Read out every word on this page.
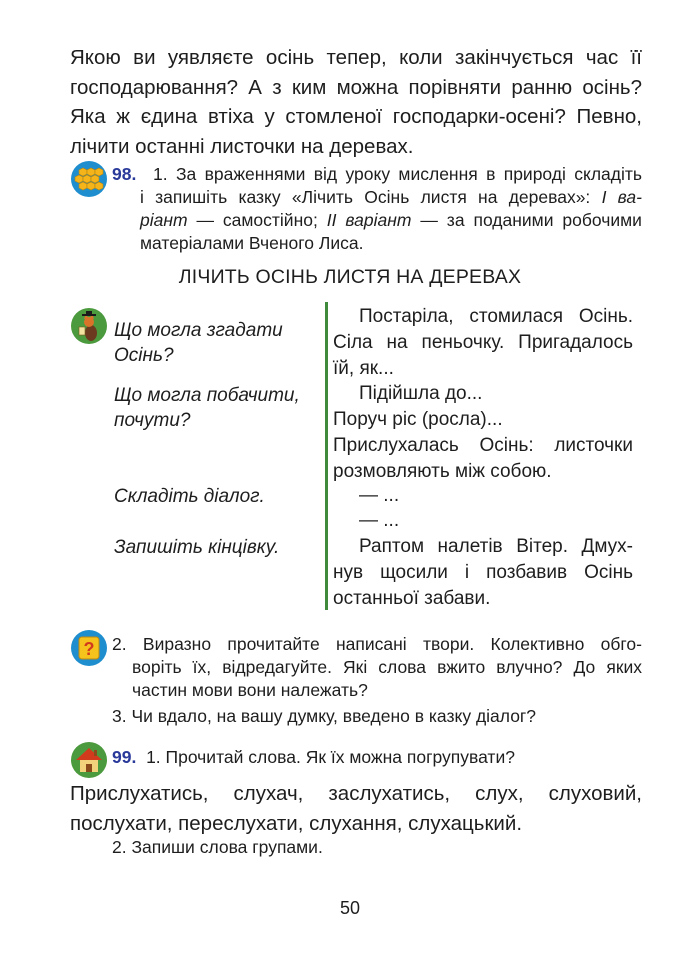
Якою ви уявляєте осінь тепер, коли закінчується час її
господарювання? А з ким можна порівняти ранню осінь?
Яка ж єдина втіха у стомленої господарки-осені? Певно,
лічити останні листочки на деревах.
98. 1. За враженнями від уроку мислення в природі складіть
і запишіть казку «Лічить Осінь листя на деревах»: І ва-
ріант — самостійно; ІІ варіант — за поданими робочими
матеріалами Вченого Лиса.
ЛІЧИТЬ ОСІНЬ ЛИСТЯ НА ДЕРЕВАХ
Що могла згадати
Осінь?
Постаріла, стомилася Осінь.
Сіла на пеньочку. Пригадалось
їй, як...
Що могла побачити,
почути?
Підійшла до...
Поруч ріс (росла)...
Прислухалась Осінь: листочки
розмовляють між собою.
Складіть діалог.	— ...
— ...
Запишіть кінцівку.	Раптом налетів Вітер. Дмух-
нув щосили і позбавив Осінь
останньої забави.
? 2. Виразно прочитайте написані твори. Колективно обго-
воріть їх, відредагуйте. Які слова вжито влучно? До яких
частин мови вони належать?
3. Чи вдало, на вашу думку, введено в казку діалог?
99. 1. Прочитай слова. Як їх можна погрупувати?
Прислухатись, слухач, заслухатись, слух, слуховий,
послухати, переслухати, слухання, слухацький.
2. Запиши слова групами.
50
